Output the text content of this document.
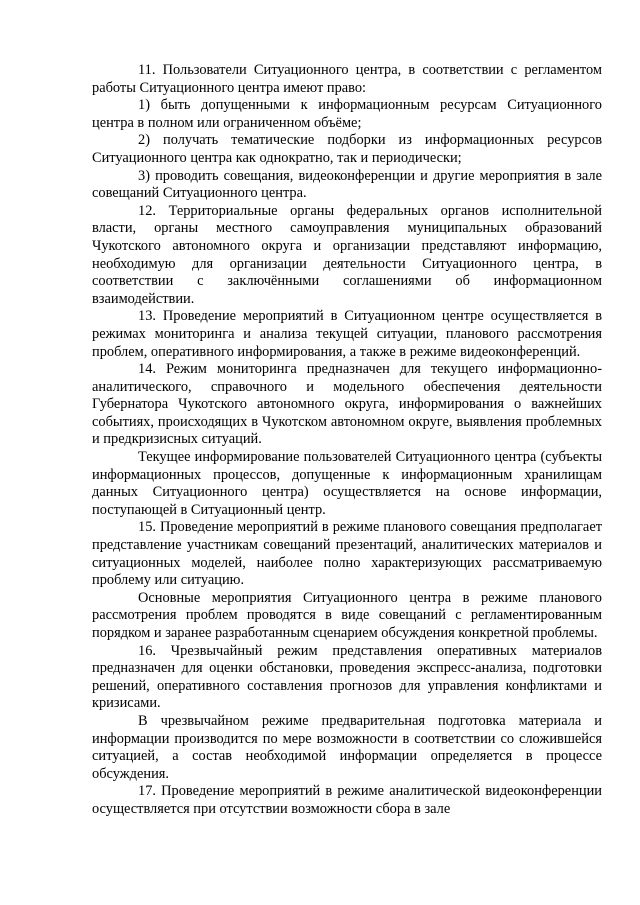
11. Пользователи Ситуационного центра, в соответствии с регламентом работы Ситуационного центра имеют право:

1) быть допущенными к информационным ресурсам Ситуационного центра в полном или ограниченном объёме;

2) получать тематические подборки из информационных ресурсов Ситуационного центра как однократно, так и периодически;

3) проводить совещания, видеоконференции и другие мероприятия в зале совещаний Ситуационного центра.

12. Территориальные органы федеральных органов исполнительной власти, органы местного самоуправления муниципальных образований Чукотского автономного округа и организации представляют информацию, необходимую для организации деятельности Ситуационного центра, в соответствии с заключёнными соглашениями об информационном взаимодействии.

13. Проведение мероприятий в Ситуационном центре осуществляется в режимах мониторинга и анализа текущей ситуации, планового рассмотрения проблем, оперативного информирования, а также в режиме видеоконференций.

14. Режим мониторинга предназначен для текущего информационно-аналитического, справочного и модельного обеспечения деятельности Губернатора Чукотского автономного округа, информирования о важнейших событиях, происходящих в Чукотском автономном округе, выявления проблемных и предкризисных ситуаций.

Текущее информирование пользователей Ситуационного центра (субъекты информационных процессов, допущенные к информационным хранилищам данных Ситуационного центра) осуществляется на основе информации, поступающей в Ситуационный центр.

15. Проведение мероприятий в режиме планового совещания предполагает представление участникам совещаний презентаций, аналитических материалов и ситуационных моделей, наиболее полно характеризующих рассматриваемую проблему или ситуацию.

Основные мероприятия Ситуационного центра в режиме планового рассмотрения проблем проводятся в виде совещаний с регламентированным порядком и заранее разработанным сценарием обсуждения конкретной проблемы.

16. Чрезвычайный режим представления оперативных материалов предназначен для оценки обстановки, проведения экспресс-анализа, подготовки решений, оперативного составления прогнозов для управления конфликтами и кризисами.

В чрезвычайном режиме предварительная подготовка материала и информации производится по мере возможности в соответствии со сложившейся ситуацией, а состав необходимой информации определяется в процессе обсуждения.

17. Проведение мероприятий в режиме аналитической видеоконференции осуществляется при отсутствии возможности сбора в зале
